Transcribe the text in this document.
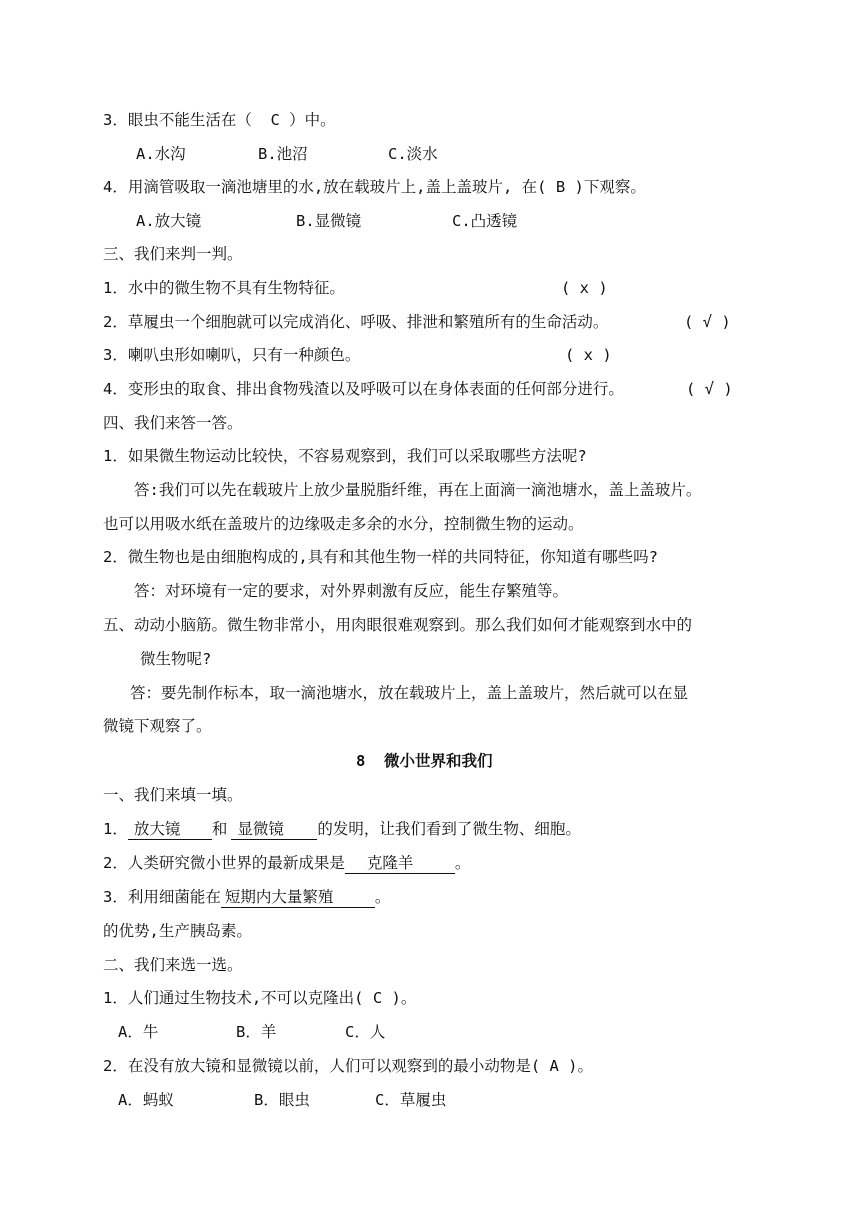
3．眼虫不能生活在（  C ）中。
A.水沟	B.池沼	C.淡水
4．用滴管吸取一滴池塘里的水,放在载玻片上,盖上盖玻片, 在( B )下观察。
A.放大镜	B.显微镜	C.凸透镜
三、我们来判一判。
1．水中的微生物不具有生物特征。	( x )
2．草履虫一个细胞就可以完成消化、呼吸、排泄和繁殖所有的生命活动。	( √ )
3．喇叭虫形如喇叭，只有一种颜色。	( x )
4．变形虫的取食、排出食物残渣以及呼吸可以在身体表面的任何部分进行。	( √ )
四、我们来答一答。
1．如果微生物运动比较快，不容易观察到，我们可以采取哪些方法呢?
答:我们可以先在载玻片上放少量脱脂纤维，再在上面滴一滴池塘水，盖上盖玻片。
也可以用吸水纸在盖玻片的边缘吸走多余的水分，控制微生物的运动。
2．微生物也是由细胞构成的,具有和其他生物一样的共同特征，你知道有哪些吗?
答：对环境有一定的要求，对外界刺激有反应，能生存繁殖等。
五、动动小脑筋。微生物非常小，用肉眼很难观察到。那么我们如何才能观察到水中的
微生物呢?
答：要先制作标本，取一滴池塘水，放在载玻片上，盖上盖玻片，然后就可以在显
微镜下观察了。
8  微小世界和我们
一、我们来填一填。
1． 放大镜 和 显微镜 的发明，让我们看到了微生物、细胞。
2．人类研究微小世界的最新成果是 克隆羊	。
3．利用细菌能在 短期内大量繁殖	。
的优势,生产胰岛素。
二、我们来选一选。
1．人们通过生物技术,不可以克隆出( C )。
A．牛	B．羊	C．人
2．在没有放大镜和显微镜以前，人们可以观察到的最小动物是( A )。
A．蚂蚁	B．眼虫	C．草履虫
